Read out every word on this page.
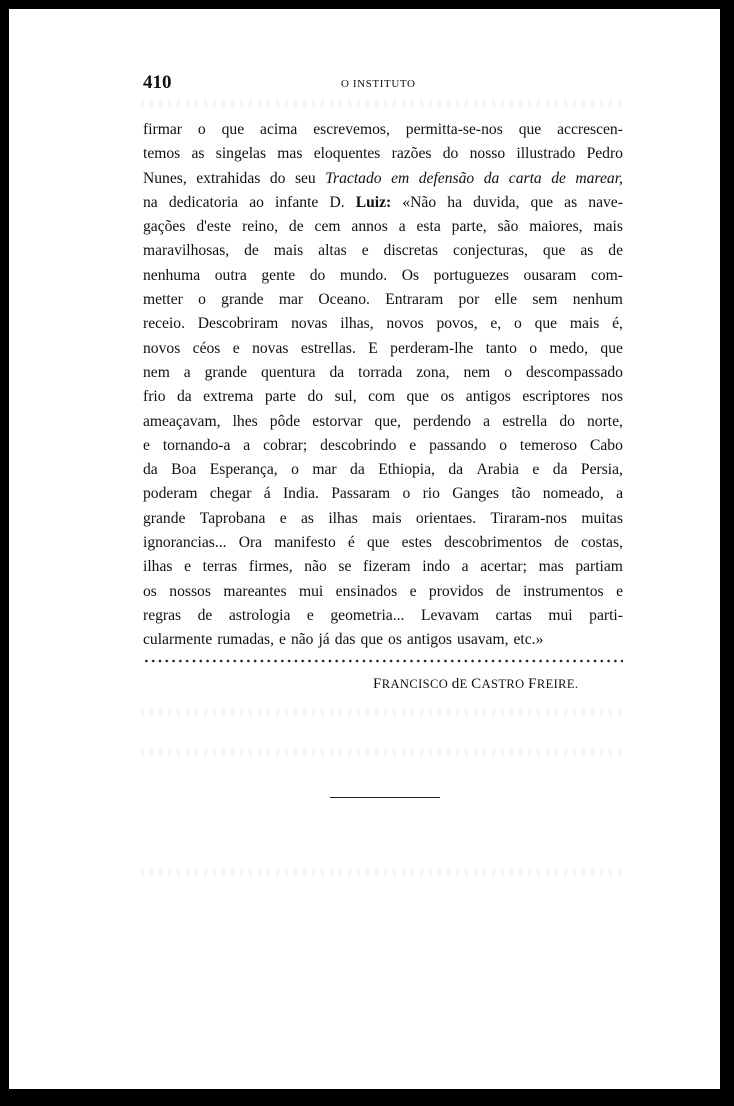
410	O INSTITUTO
firmar o que acima escrevemos, permitta-se-nos que accrescen-
temos as singelas mas eloquentes razões do nosso illustrado Pedro
Nunes, extrahidas do seu Tractado em defensão da carta de marear,
na dedicatoria ao infante D. Luiz: «Não ha duvida, que as nave-
gações d'este reino, de cem annos a esta parte, são maiores, mais
maravilhosas, de mais altas e discretas conjecturas, que as de
nenhuma outra gente do mundo. Os portuguezes ousaram com-
metter o grande mar Oceano. Entraram por elle sem nenhum
receio. Descobriram novas ilhas, novos povos, e, o que mais é,
novos céos e novas estrellas. E perderam-lhe tanto o medo, que
nem a grande quentura da torrada zona, nem o descompassado
frio da extrema parte do sul, com que os antigos escriptores nos
ameaçavam, lhes pôde estorvar que, perdendo a estrella do norte,
e tornando-a a cobrar; descobrindo e passando o temeroso Cabo
da Boa Esperança, o mar da Ethiopia, da Arabia e da Persia,
poderam chegar á India. Passaram o rio Ganges tão nomeado, a
grande Taprobana e as ilhas mais orientaes. Tiraram-nos muitas
ignorancias... Ora manifesto é que estes descobrimentos de costas,
ilhas e terras firmes, não se fizeram indo a acertar; mas partiam
os nossos mareantes mui ensinados e providos de instrumentos e
regras de astrologia e geometria... Levavam cartas mui parti-
cularmente rumadas, e não já das que os antigos usavam, etc.»
FRANCISCO dE CASTRO FREIRE.
